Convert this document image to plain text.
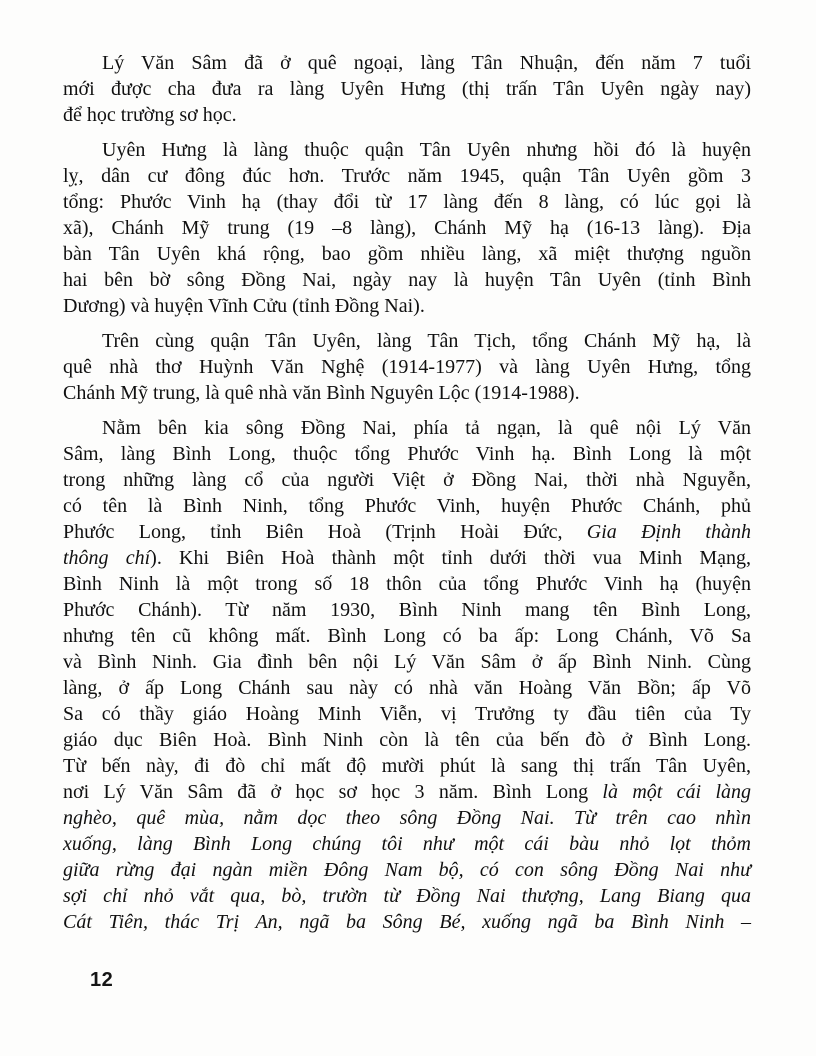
Lý Văn Sâm đã ở quê ngoại, làng Tân Nhuận, đến năm 7 tuổi
mới được cha đưa ra làng Uyên Hưng (thị trấn Tân Uyên ngày nay)
để học trường sơ học.
Uyên Hưng là làng thuộc quận Tân Uyên nhưng hồi đó là huyện
lỵ, dân cư đông đúc hơn. Trước năm 1945, quận Tân Uyên gồm 3
tổng: Phước Vinh hạ (thay đổi từ 17 làng đến 8 làng, có lúc gọi là
xã), Chánh Mỹ trung (19 –8 làng), Chánh Mỹ hạ (16-13 làng). Địa
bàn Tân Uyên khá rộng, bao gồm nhiều làng, xã miệt thượng nguồn
hai bên bờ sông Đồng Nai, ngày nay là huyện Tân Uyên (tỉnh Bình
Dương) và huyện Vĩnh Cửu (tỉnh Đồng Nai).
Trên cùng quận Tân Uyên, làng Tân Tịch, tổng Chánh Mỹ hạ, là
quê nhà thơ Huỳnh Văn Nghệ (1914-1977) và làng Uyên Hưng, tổng
Chánh Mỹ trung, là quê nhà văn Bình Nguyên Lộc (1914-1988).
Nằm bên kia sông Đồng Nai, phía tả ngạn, là quê nội Lý Văn
Sâm, làng Bình Long, thuộc tổng Phước Vinh hạ. Bình Long là một
trong những làng cổ của người Việt ở Đồng Nai, thời nhà Nguyễn,
có tên là Bình Ninh, tổng Phước Vinh, huyện Phước Chánh, phủ
Phước Long, tỉnh Biên Hoà (Trịnh Hoài Đức, Gia Định thành
thông chí). Khi Biên Hoà thành một tỉnh dưới thời vua Minh Mạng,
Bình Ninh là một trong số 18 thôn của tổng Phước Vinh hạ (huyện
Phước Chánh). Từ năm 1930, Bình Ninh mang tên Bình Long,
nhưng tên cũ không mất. Bình Long có ba ấp: Long Chánh, Võ Sa
và Bình Ninh. Gia đình bên nội Lý Văn Sâm ở ấp Bình Ninh. Cùng
làng, ở ấp Long Chánh sau này có nhà văn Hoàng Văn Bồn; ấp Võ
Sa có thầy giáo Hoàng Minh Viễn, vị Trưởng ty đầu tiên của Ty
giáo dục Biên Hoà. Bình Ninh còn là tên của bến đò ở Bình Long.
Từ bến này, đi đò chỉ mất độ mười phút là sang thị trấn Tân Uyên,
nơi Lý Văn Sâm đã ở học sơ học 3 năm. Bình Long là một cái làng
nghèo, quê mùa, nằm dọc theo sông Đồng Nai. Từ trên cao nhìn
xuống, làng Bình Long chúng tôi như một cái bàu nhỏ lọt thỏm
giữa rừng đại ngàn miền Đông Nam bộ, có con sông Đồng Nai như
sợi chỉ nhỏ vắt qua, bò, trườn từ Đồng Nai thượng, Lang Biang qua
Cát Tiên, thác Trị An, ngã ba Sông Bé, xuống ngã ba Bình Ninh –
12
